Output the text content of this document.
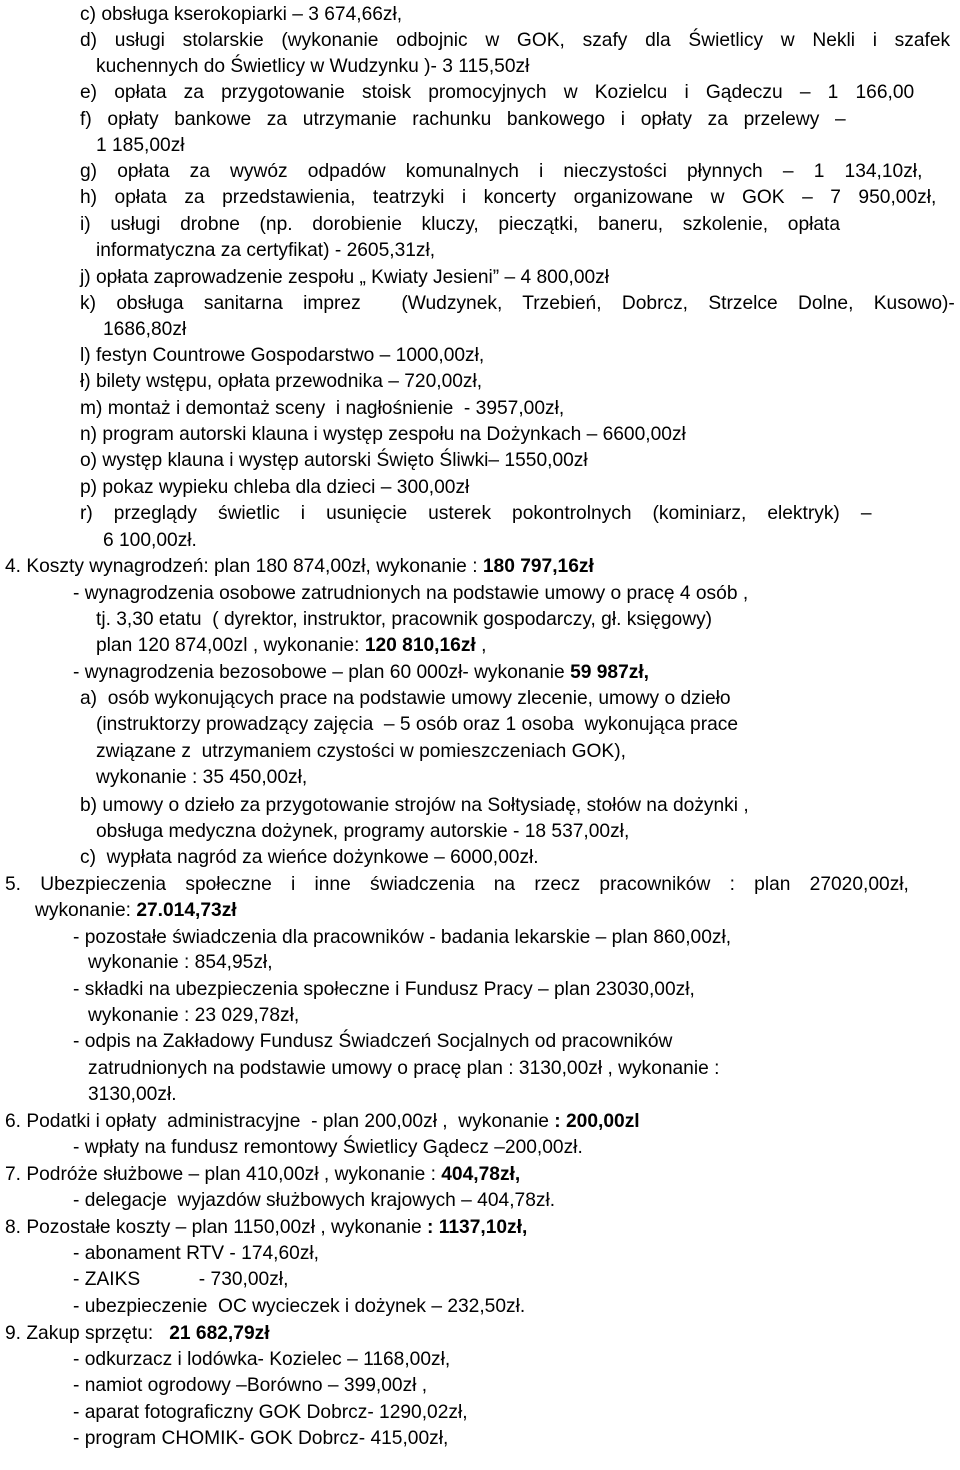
c) obsługa kserokopiarki – 3 674,66zł,
d) usługi stolarskie (wykonanie odbojnic w GOK, szafy dla Świetlicy w Nekli i szafek
kuchennych do Świetlicy w Wudzynku )- 3 115,50zł
e) opłata za przygotowanie stoisk promocyjnych w Kozielcu i Gądeczu – 1 166,00
f) opłaty bankowe za utrzymanie rachunku bankowego i opłaty za przelewy –
1 185,00zł
g) opłata za wywóz odpadów komunalnych i nieczystości płynnych – 1 134,10zł,
h) opłata za przedstawienia, teatrzyki i koncerty organizowane w GOK – 7 950,00zł,
i) usługi drobne (np. dorobienie kluczy, pieczątki, baneru, szkolenie, opłata
informatyczna za certyfikat) - 2605,31zł,
j) opłata zaprowadzenie zespołu „ Kwiaty Jesieni” – 4 800,00zł
k) obsługa sanitarna imprez  (Wudzynek, Trzebień, Dobrcz, Strzelce Dolne, Kusowo)-
1686,80zł
l) festyn Countrowe Gospodarstwo – 1000,00zł,
ł) bilety wstępu, opłata przewodnika – 720,00zł,
m) montaż i demontaż sceny  i nagłośnienie  - 3957,00zł,
n) program autorski klauna i występ zespołu na Dożynkach – 6600,00zł
o) występ klauna i występ autorski Święto Śliwki– 1550,00zł
p) pokaz wypieku chleba dla dzieci – 300,00zł
r) przeglądy świetlic i usunięcie usterek pokontrolnych (kominiarz, elektryk) –
6 100,00zł.
4. Koszty wynagrodzeń: plan 180 874,00zł, wykonanie : 180 797,16zł
- wynagrodzenia osobowe zatrudnionych na podstawie umowy o pracę 4 osób ,
tj. 3,30 etatu  ( dyrektor, instruktor, pracownik gospodarczy, gł. księgowy)
plan 120 874,00zl , wykonanie: 120 810,16zł ,
- wynagrodzenia bezosobowe – plan 60 000zł- wykonanie 59 987zł,
a)  osób wykonujących prace na podstawie umowy zlecenie, umowy o dzieło
(instruktorzy prowadzący zajęcia  – 5 osób oraz 1 osoba  wykonująca prace
związane z  utrzymaniem czystości w pomieszczeniach GOK),
wykonanie : 35 450,00zł,
b) umowy o dzieło za przygotowanie strojów na Sołtysiadę, stołów na dożynki ,
obsługa medyczna dożynek, programy autorskie - 18 537,00zł,
c)  wypłata nagród za wieńce dożynkowe – 6000,00zł.
5. Ubezpieczenia społeczne i inne świadczenia na rzecz pracowników : plan 27020,00zł,
wykonanie: 27.014,73zł
- pozostałe świadczenia dla pracowników - badania lekarskie – plan 860,00zł,
wykonanie : 854,95zł,
- składki na ubezpieczenia społeczne i Fundusz Pracy – plan 23030,00zł,
wykonanie : 23 029,78zł,
- odpis na Zakładowy Fundusz Świadczeń Socjalnych od pracowników
zatrudnionych na podstawie umowy o pracę plan : 3130,00zł , wykonanie :
3130,00zł.
6. Podatki i opłaty  administracyjne  - plan 200,00zł ,  wykonanie : 200,00zl
- wpłaty na fundusz remontowy Świetlicy Gądecz –200,00zł.
7. Podróże służbowe – plan 410,00zł , wykonanie : 404,78zł,
- delegacje  wyjazdów służbowych krajowych – 404,78zł.
8. Pozostałe koszty – plan 1150,00zł , wykonanie : 1137,10zł,
- abonament RTV - 174,60zł,
- ZAIKS           - 730,00zł,
- ubezpieczenie  OC wycieczek i dożynek – 232,50zł.
9. Zakup sprzętu:   21 682,79zł
- odkurzacz i lodówka- Kozielec – 1168,00zł,
- namiot ogrodowy –Borówno – 399,00zł ,
- aparat fotograficzny GOK Dobrcz- 1290,02zł,
- program CHOMIK- GOK Dobrcz- 415,00zł,
